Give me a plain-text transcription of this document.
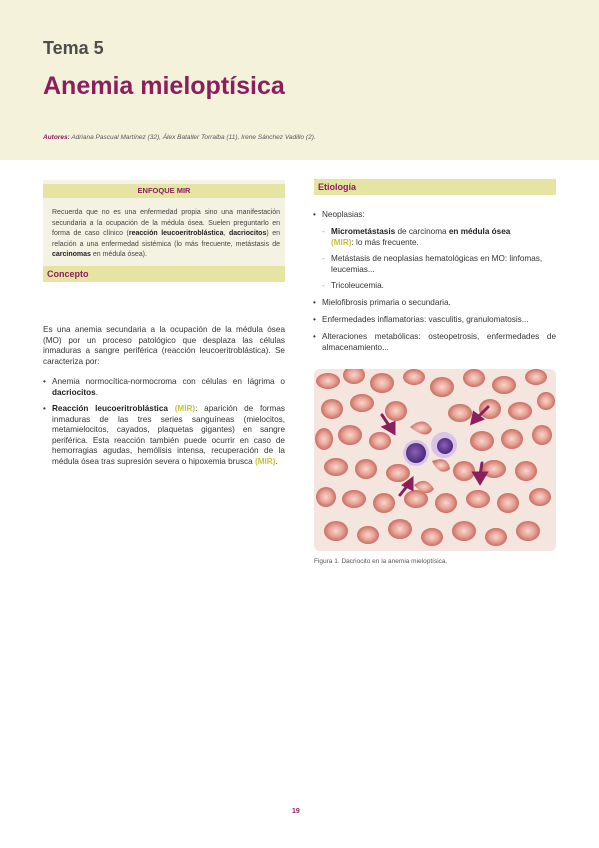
Tema 5
Anemia mieloptísica
Autores: Adriana Pascual Martínez (32), Álex Bataller Torralba (11), Irene Sánchez Vadillo (2).
ENFOQUE MIR
Recuerda que no es una enfermedad propia sino una manifestación secundaria a la ocupación de la médula ósea. Suelen preguntarlo en forma de caso clínico (reacción leucoeritroblástica, dacriocitos) en relación a una enfermedad sistémica (lo más frecuente, metástasis de carcinomas en médula ósea).
Concepto
Es una anemia secundaria a la ocupación de la médula ósea (MO) por un proceso patológico que desplaza las células inmaduras a sangre periférica (reacción leucoeritroblástica). Se caracteriza por:
• Anemia normocítica-normocroma con células en lágrima o dacriocitos.
• Reacción leucoeritroblástica (MIR): aparición de formas inmaduras de las tres series sanguíneas (mielocitos, metamielocitos, cayados, plaquetas gigantes) en sangre periférica. Esta reacción también puede ocurrir en caso de hemorragias agudas, hemólisis intensa, recuperación de la médula ósea tras supresión severa o hipoxemia brusca (MIR).
Etiología
• Neoplasias:
- Micrometástasis de carcinoma en médula ósea
(MIR): lo más frecuente.
- Metástasis de neoplasias hematológicas en MO: linfomas, leucemias...
- Tricoleucemia.
• Mielofibrosis primaria o secundaria.
• Enfermedades inflamatorias: vasculitis, granulomatosis...
• Alteraciones metabólicas: osteopetrosis, enfermedades de almacenamiento...
Figura 1. Dacriocito en la anemia mieloptísica.
19
